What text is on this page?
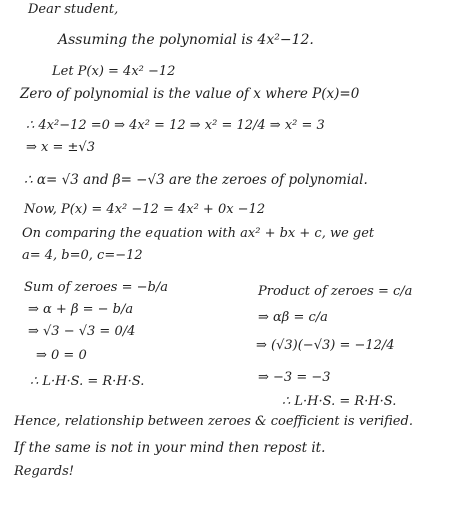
Dear student,
Assuming the polynomial is 4x²−12.
Let P(x) = 4x² −12
Zero of polynomial is the value of x where P(x)=0
∴ 4x²−12 =0 ⇒ 4x² = 12 ⇒ x² = 12/4 ⇒ x² = 3
⇒ x = ±√3
∴ α= √3 and β= −√3 are the zeroes of polynomial.
Now, P(x) = 4x² −12 = 4x² + 0x −12
On comparing the equation with ax² + bx + c, we get
a= 4, b=0, c=−12
Sum of zeroes = −b/a
⇒ α + β = − b/a
⇒ √3 − √3 = 0/4
⇒ 0 = 0
∴ L·H·S. = R·H·S.
Product of zeroes = c/a
⇒ αβ = c/a
⇒ (√3)(−√3) = −12/4
⇒ −3 = −3
∴ L·H·S. = R·H·S.
Hence, relationship between zeroes & coefficient is verified.
If the same is not in your mind then repost it.
Regards!
